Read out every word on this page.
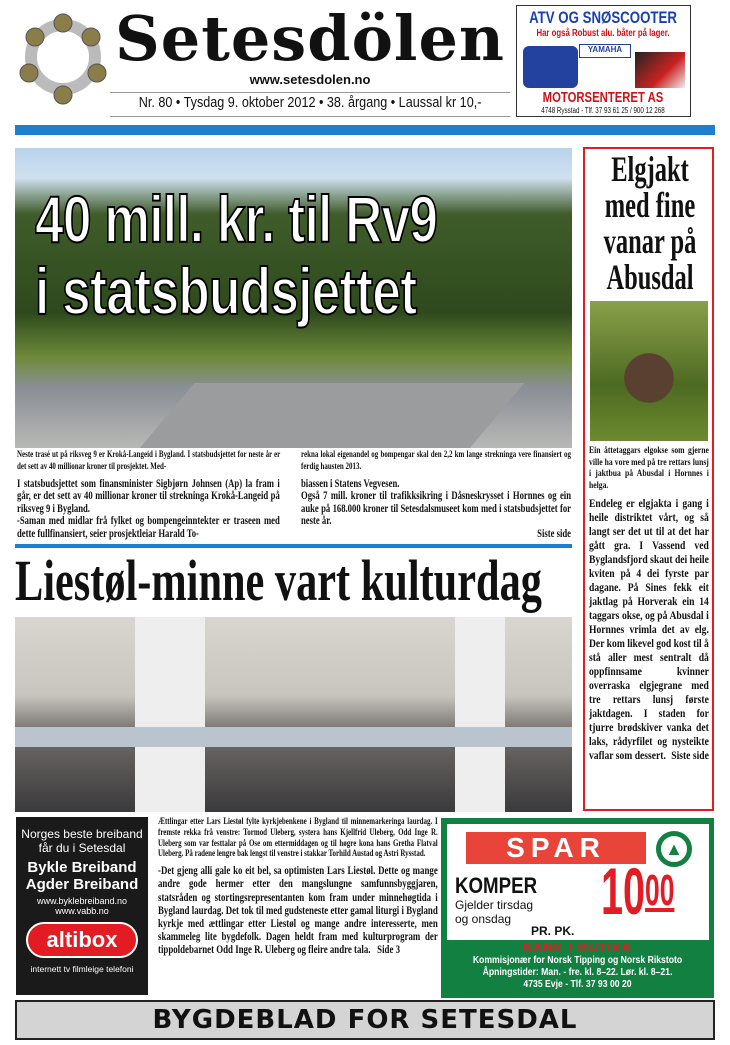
Setesdölen
www.setesdolen.no
Nr. 80 • Tysdag 9. oktober 2012 • 38. årgang • Laussal kr 10,-
ATV OG SNØSCOOTER
Har også Robust alu. båter på lager.
YAMAHA
MOTORSENTERET AS
4748 Rysstad - Tlf. 37 93 61 25 / 900 12 268
40 mill. kr. til Rv9
i statsbudsjettet
Neste trasé ut på riksveg 9 er Krokå-Langeid i Bygland. I statsbudsjettet for neste år er det sett av 40 millionar kroner til prosjektet. Med-
rekna lokal eigenandel og bompengar skal den 2,2 km lange strekninga vere finansiert og ferdig hausten 2013.
I statsbudsjettet som finansminister Sigbjørn Johnsen (Ap) la fram i går, er det sett av 40 millionar kroner til strekninga Krokå-Langeid på riksveg 9 i Bygland.
-Saman med midlar frå fylket og bompengeinntekter er traseen med dette fullfinansiert, seier prosjektleiar Harald To-
biassen i Statens Vegvesen.
Også 7 mill. kroner til trafikksikring i Dåsneskrysset i Hornnes og ein auke på 168.000 kroner til Setesdalsmuseet kom med i statsbudsjettet for neste år.
Siste side
Liestøl-minne vart kulturdag
Elgjakt med fine vanar på Abusdal
Ein åttetaggars elgokse som gjerne ville ha vore med på tre rettars lunsj i jaktbua på Abusdal i Hornnes i helga.
Endeleg er elgjakta i gang i heile distriktet vårt, og så langt ser det ut til at det har gått gra. I Vassend ved Byglandsfjord skaut dei heile kviten på 4 dei fyrste par dagane. På Sines fekk eit jaktlag på Horverak ein 14 taggars okse, og på Abusdal i Hornnes vrimla det av elg. Der kom likevel god kost til å stå aller mest sentralt då oppfinnsame kvinner overraska elgjegrane med tre rettars lunsj første jaktdagen. I staden for tjurre brødskiver vanka det laks, rådyrfilet og nysteikte vaflar som dessert. Siste side
Norges beste breiband
får du i Setesdal
Bykle Breiband
Agder Breiband
www.byklebreiband.no
www.vabb.no
altibox
internett tv filmleige telefoni
Ættlingar etter Lars Liestøl fylte kyrkjebenkene i Bygland til minnemarkeringa laurdag. I fremste rekka frå venstre: Tormod Uleberg, systera hans Kjellfrid Uleberg, Odd Inge R. Uleberg som var festtalar på Ose om ettermiddagen og til høgre kona hans Gretha Flatval Uleberg. På radene lengre bak lengst til venstre i stakkar Torhild Austad og Astri Rysstad.
-Det gjeng alli gale ko eit bel, sa optimisten Lars Liestøl. Dette og mange andre gode hermer etter den mangslungne samfunnsbyggjaren, statsråden og stortingsrepresentanten kom fram under minnehøgtida i Bygland laurdag. Det tok til med gudsteneste etter gamal liturgi i Bygland kyrkje med ættlingar etter Liestøl og mange andre interesserte, men skammeleg lite bygdefolk. Dagen heldt fram med kulturprogram der tippoldebarnet Odd Inge R. Uleberg og fleire andre tala. Side 3
SPAR	▲
KOMPER
Gjelder tirsdag
og onsdag
PR. PK.
$10^{00}$
BANK I BUTIKK
Kommisjonær for Norsk Tipping og Norsk Rikstoto
Åpningstider: Man. - fre. kl. 8–22. Lør. kl. 8–21.
4735 Evje - Tlf. 37 93 00 20
BYGDEBLAD FOR SETESDAL
